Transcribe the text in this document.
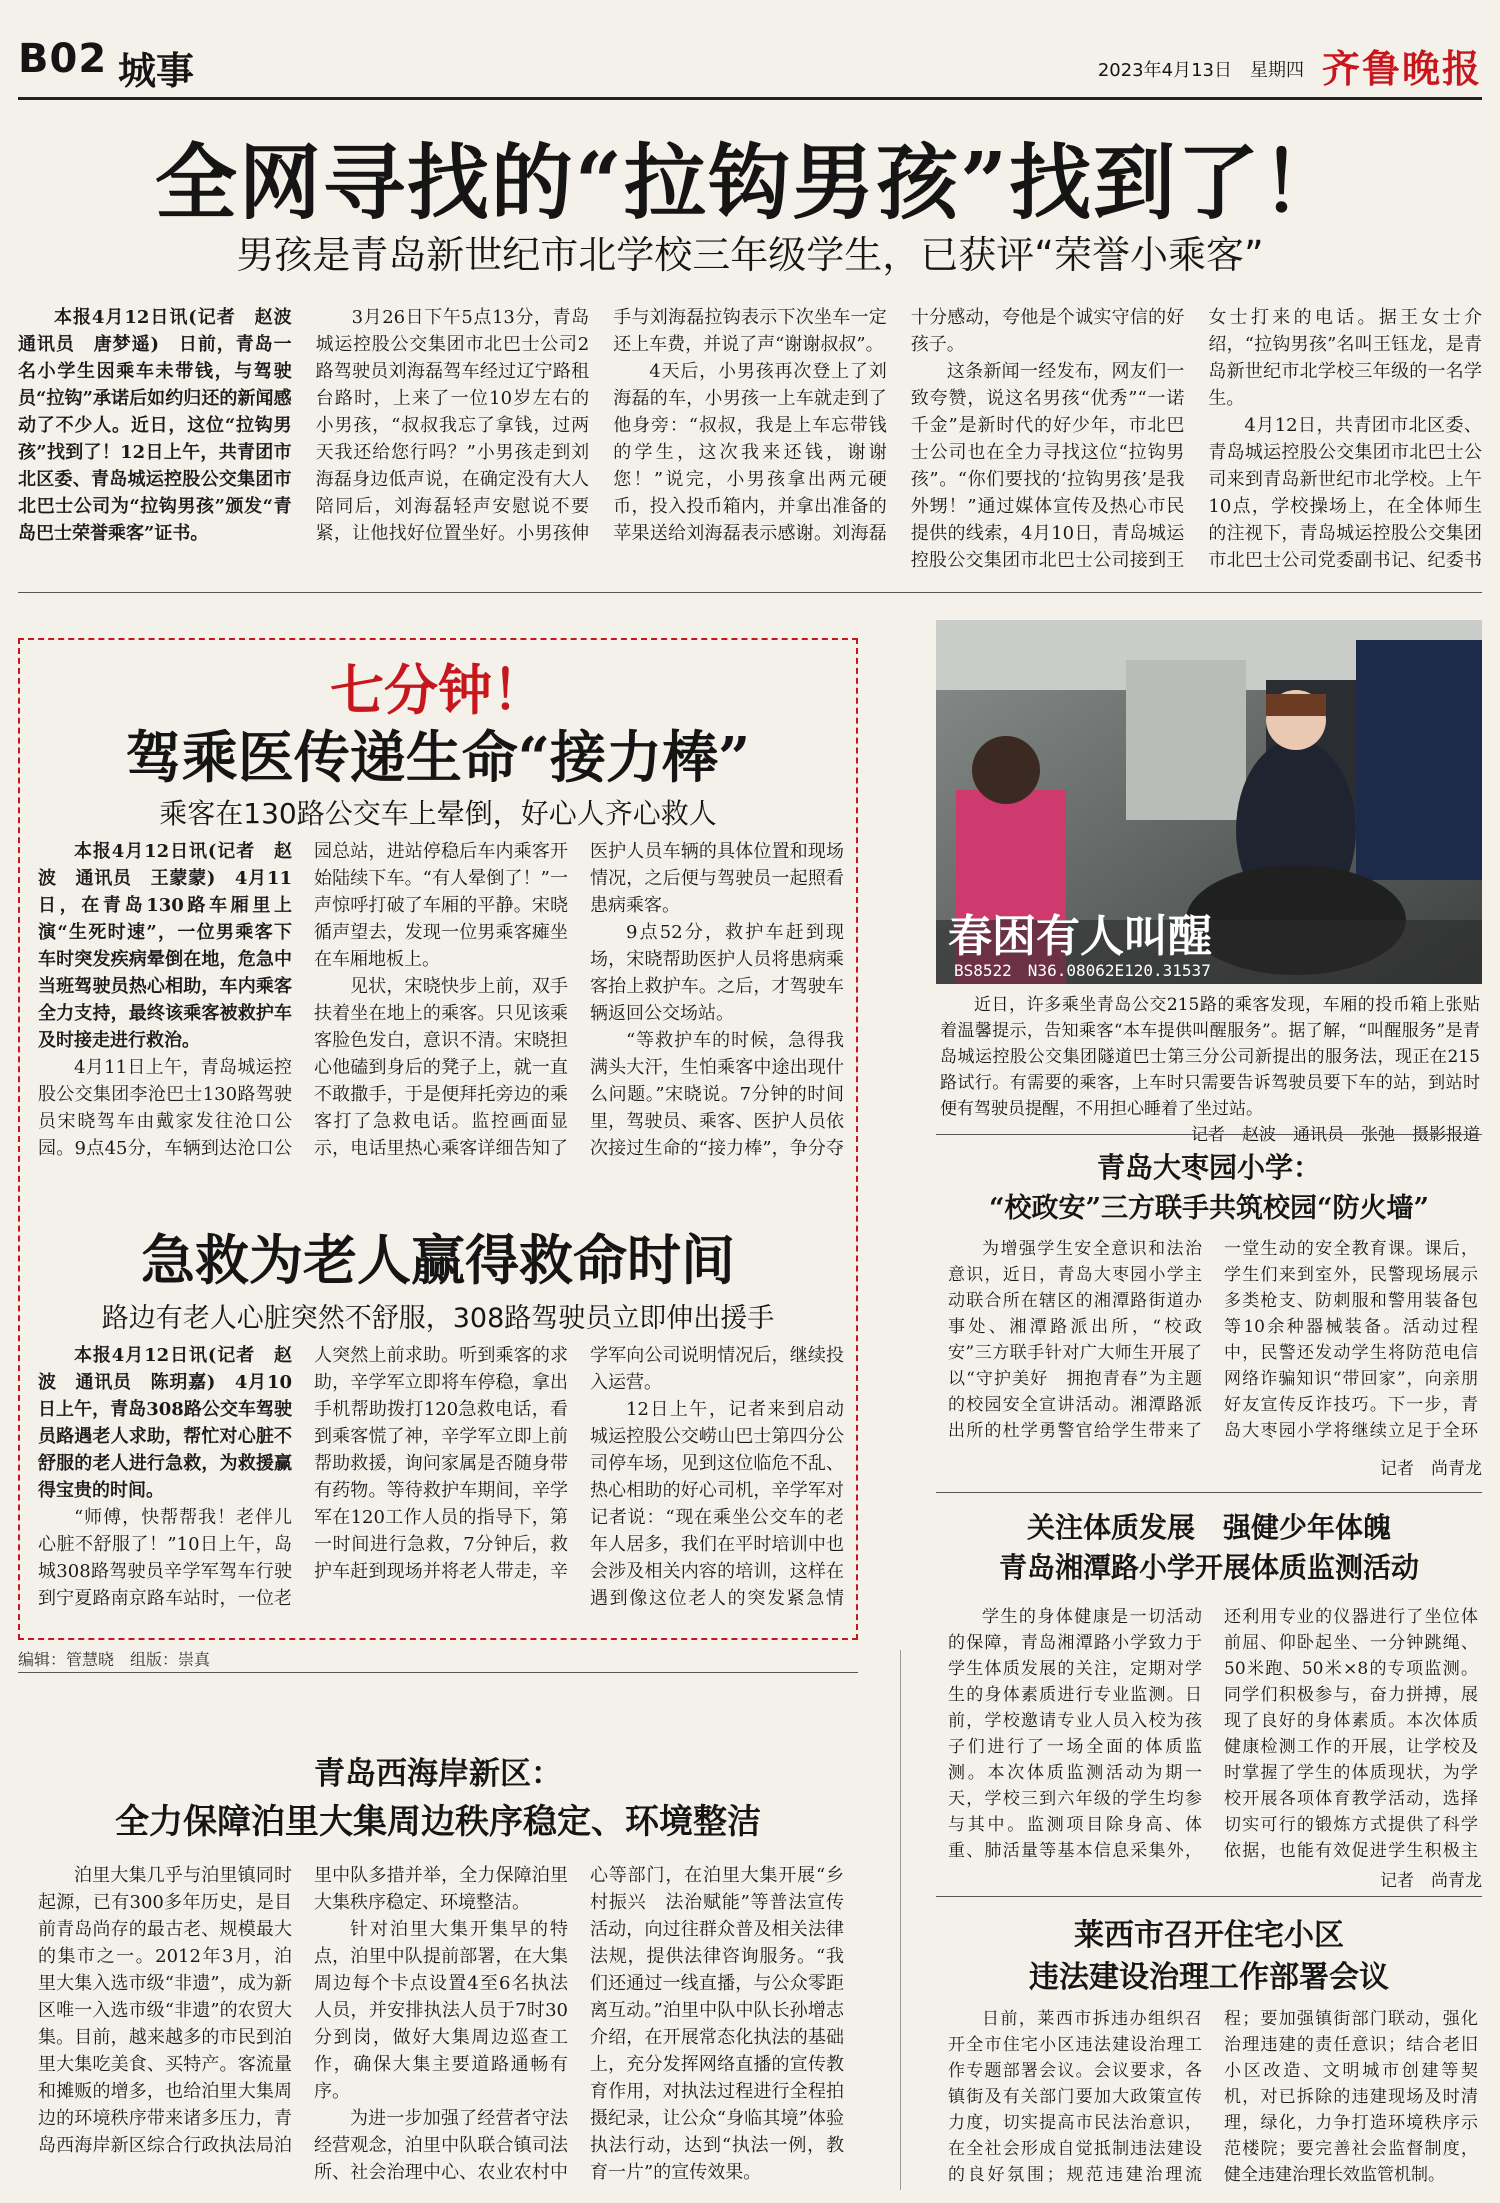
B02 城事	2023年4月13日 星期四 齐鲁晚报
全网寻找的“拉钩男孩”找到了！
男孩是青岛新世纪市北学校三年级学生，已获评“荣誉小乘客”

本报4月12日讯(记者　赵波　通讯员　唐梦遥)　日前，青岛一名小学生因乘车未带钱，与驾驶员“拉钩”承诺后如约归还的新闻感动了不少人。近日，这位“拉钩男孩”找到了！12日上午，共青团市北区委、青岛城运控股公交集团市北巴士公司为“拉钩男孩”颁发“青岛巴士荣誉乘客”证书。

3月26日下午5点13分，青岛城运控股公交集团市北巴士公司2路驾驶员刘海磊驾车经过辽宁路租台路时，上来了一位10岁左右的小男孩，“叔叔我忘了拿钱，过两天我还给您行吗？”小男孩走到刘海磊身边低声说，在确定没有大人陪同后，刘海磊轻声安慰说不要紧，让他找好位置坐好。小男孩伸手与刘海磊拉钩表示下次坐车一定还上车费，并说了声“谢谢叔叔”。

4天后，小男孩再次登上了刘海磊的车，小男孩一上车就走到了他身旁：“叔叔，我是上车忘带钱的学生，这次我来还钱，谢谢您！”说完，小男孩拿出两元硬币，投入投币箱内，并拿出准备的苹果送给刘海磊表示感谢。刘海磊十分感动，夸他是个诚实守信的好孩子。

这条新闻一经发布，网友们一致夸赞，说这名男孩“优秀”“一诺千金”是新时代的好少年，市北巴士公司也在全力寻找这位“拉钩男孩”。“你们要找的‘拉钩男孩’是我外甥！”通过媒体宣传及热心市民提供的线索，4月10日，青岛城运控股公交集团市北巴士公司接到王女士打来的电话。据王女士介绍，“拉钩男孩”名叫王钰龙，是青岛新世纪市北学校三年级的一名学生。

4月12日，共青团市北区委、青岛城运控股公交集团市北巴士公司来到青岛新世纪市北学校。上午10点，学校操场上，在全体师生的注视下，青岛城运控股公交集团市北巴士公司党委副书记、纪委书

七分钟！
驾乘医传递生命“接力棒”
乘客在130路公交车上晕倒，好心人齐心救人

本报4月12日讯(记者　赵波　通讯员　王蒙蒙)　4月11日，在青岛130路车厢里上演“生死时速”，一位男乘客下车时突发疾病晕倒在地，危急中当班驾驶员热心相助，车内乘客全力支持，最终该乘客被救护车及时接走进行救治。

4月11日上午，青岛城运控股公交集团李沧巴士130路驾驶员宋晓驾车由戴家发往沧口公园。9点45分，车辆到达沧口公园总站，进站停稳后车内乘客开始陆续下车。“有人晕倒了！”一声惊呼打破了车厢的平静。宋晓循声望去，发现一位男乘客瘫坐在车厢地板上。

见状，宋晓快步上前，双手扶着坐在地上的乘客。只见该乘客脸色发白，意识不清。宋晓担心他磕到身后的凳子上，就一直不敢撒手，于是便拜托旁边的乘客打了急救电话。监控画面显示，电话里热心乘客详细告知了医护人员车辆的具体位置和现场情况，之后便与驾驶员一起照看患病乘客。

9点52分，救护车赶到现场，宋晓帮助医护人员将患病乘客抬上救护车。之后，才驾驶车辆返回公交场站。

“等救护车的时候，急得我满头大汗，生怕乘客中途出现什么问题。”宋晓说。7分钟的时间里，驾驶员、乘客、医护人员依次接过生命的“接力棒”，争分夺

急救为老人赢得救命时间
路边有老人心脏突然不舒服，308路驾驶员立即伸出援手

本报4月12日讯(记者　赵波　通讯员　陈玥嘉)　4月10日上午，青岛308路公交车驾驶员路遇老人求助，帮忙对心脏不舒服的老人进行急救，为救援赢得宝贵的时间。

“师傅，快帮帮我！老伴儿心脏不舒服了！”10日上午，岛城308路驾驶员辛学军驾车行驶到宁夏路南京路车站时，一位老人突然上前求助。听到乘客的求助，辛学军立即将车停稳，拿出手机帮助拨打120急救电话，看到乘客慌了神，辛学军立即上前帮助救援，询问家属是否随身带有药物。等待救护车期间，辛学军在120工作人员的指导下，第一时间进行急救，7分钟后，救护车赶到现场并将老人带走，辛学军向公司说明情况后，继续投入运营。

12日上午，记者来到启动城运控股公交崂山巴士第四分公司停车场，见到这位临危不乱、热心相助的好心司机，辛学军对记者说：“现在乘坐公交车的老年人居多，我们在平时培训中也会涉及相关内容的培训，这样在遇到像这位老人的突发紧急情

编辑：管慧晓　组版：崇真
春困有人叫醒
BS8522　N36.08062E120.31537

近日，许多乘坐青岛公交215路的乘客发现，车厢的投币箱上张贴着温馨提示，告知乘客“本车提供叫醒服务”。据了解，“叫醒服务”是青岛城运控股公交集团隧道巴士第三分公司新提出的服务法，现正在215路试行。有需要的乘客，上车时只需要告诉驾驶员要下车的站，到站时便有驾驶员提醒，不用担心睡着了坐过站。

记者　赵波　通讯员　张弛　摄影报道
青岛大枣园小学：
“校政安”三方联手共筑校园“防火墙”

为增强学生安全意识和法治意识，近日，青岛大枣园小学主动联合所在辖区的湘潭路街道办事处、湘潭路派出所，“校政安”三方联手针对广大师生开展了以“守护美好　拥抱青春”为主题的校园安全宣讲活动。湘潭路派出所的杜学勇警官给学生带来了一堂生动的安全教育课。课后，学生们来到室外，民警现场展示多类枪支、防刺服和警用装备包等10余种器械装备。活动过程中，民警还发动学生将防范电信网络诈骗知识“带回家”，向亲朋好友宣传反诈技巧。下一步，青岛大枣园小学将继续立足于全环

记者　尚青龙
关注体质发展　强健少年体魄
青岛湘潭路小学开展体质监测活动

学生的身体健康是一切活动的保障，青岛湘潭路小学致力于学生体质发展的关注，定期对学生的身体素质进行专业监测。日前，学校邀请专业人员入校为孩子们进行了一场全面的体质监测。本次体质监测活动为期一天，学校三到六年级的学生均参与其中。监测项目除身高、体重、肺活量等基本信息采集外，还利用专业的仪器进行了坐位体前屈、仰卧起坐、一分钟跳绳、50米跑、50米×8的专项监测。同学们积极参与，奋力拼搏，展现了良好的身体素质。本次体质健康检测工作的开展，让学校及时掌握了学生的体质现状，为学校开展各项体育教学活动，选择切实可行的锻炼方式提供了科学依据，也能有效促进学生积极主

记者　尚青龙
莱西市召开住宅小区
违法建设治理工作部署会议

日前，莱西市拆违办组织召开全市住宅小区违法建设治理工作专题部署会议。会议要求，各镇街及有关部门要加大政策宣传力度，切实提高市民法治意识，在全社会形成自觉抵制违法建设的良好氛围；规范违建治理流程；要加强镇街部门联动，强化治理违建的责任意识；结合老旧小区改造、文明城市创建等契机，对已拆除的违建现场及时清理，绿化，力争打造环境秩序示范楼院；要完善社会监督制度，健全违建治理长效监管机制。

青岛西海岸新区：
全力保障泊里大集周边秩序稳定、环境整洁

泊里大集几乎与泊里镇同时起源，已有300多年历史，是目前青岛尚存的最古老、规模最大的集市之一。2012年3月，泊里大集入选市级“非遗”，成为新区唯一入选市级“非遗”的农贸大集。目前，越来越多的市民到泊里大集吃美食、买特产。客流量和摊贩的增多，也给泊里大集周边的环境秩序带来诸多压力，青岛西海岸新区综合行政执法局泊里中队多措并举，全力保障泊里大集秩序稳定、环境整洁。

针对泊里大集开集早的特点，泊里中队提前部署，在大集周边每个卡点设置4至6名执法人员，并安排执法人员于7时30分到岗，做好大集周边巡查工作，确保大集主要道路通畅有序。

为进一步加强了经营者守法经营观念，泊里中队联合镇司法所、社会治理中心、农业农村中心等部门，在泊里大集开展“乡村振兴　法治赋能”等普法宣传活动，向过往群众普及相关法律法规，提供法律咨询服务。“我们还通过一线直播，与公众零距离互动。”泊里中队中队长孙增志介绍，在开展常态化执法的基础上，充分发挥网络直播的宣传教育作用，对执法过程进行全程拍摄纪录，让公众“身临其境”体验执法行动，达到“执法一例，教育一片”的宣传效果。
